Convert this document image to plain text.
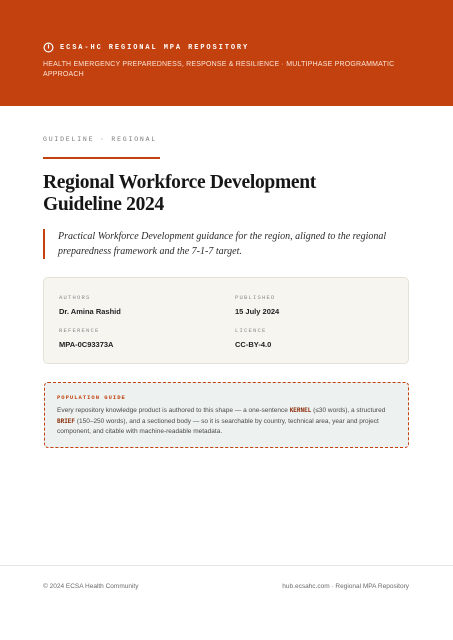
ECSA-HC REGIONAL MPA REPOSITORY
HEALTH EMERGENCY PREPAREDNESS, RESPONSE & RESILIENCE · MULTIPHASE PROGRAMMATIC APPROACH
GUIDELINE · REGIONAL
Regional Workforce Development Guideline 2024
Practical Workforce Development guidance for the region, aligned to the regional preparedness framework and the 7-1-7 target.
AUTHORS
Dr. Amina Rashid
PUBLISHED
15 July 2024
REFERENCE
MPA-0C93373A
LICENCE
CC-BY-4.0
POPULATION GUIDE
Every repository knowledge product is authored to this shape — a one-sentence KERNEL (≤30 words), a structured BRIEF (150–250 words), and a sectioned body — so it is searchable by country, technical area, year and project component, and citable with machine-readable metadata.
© 2024 ECSA Health Community	hub.ecsahc.com · Regional MPA Repository
